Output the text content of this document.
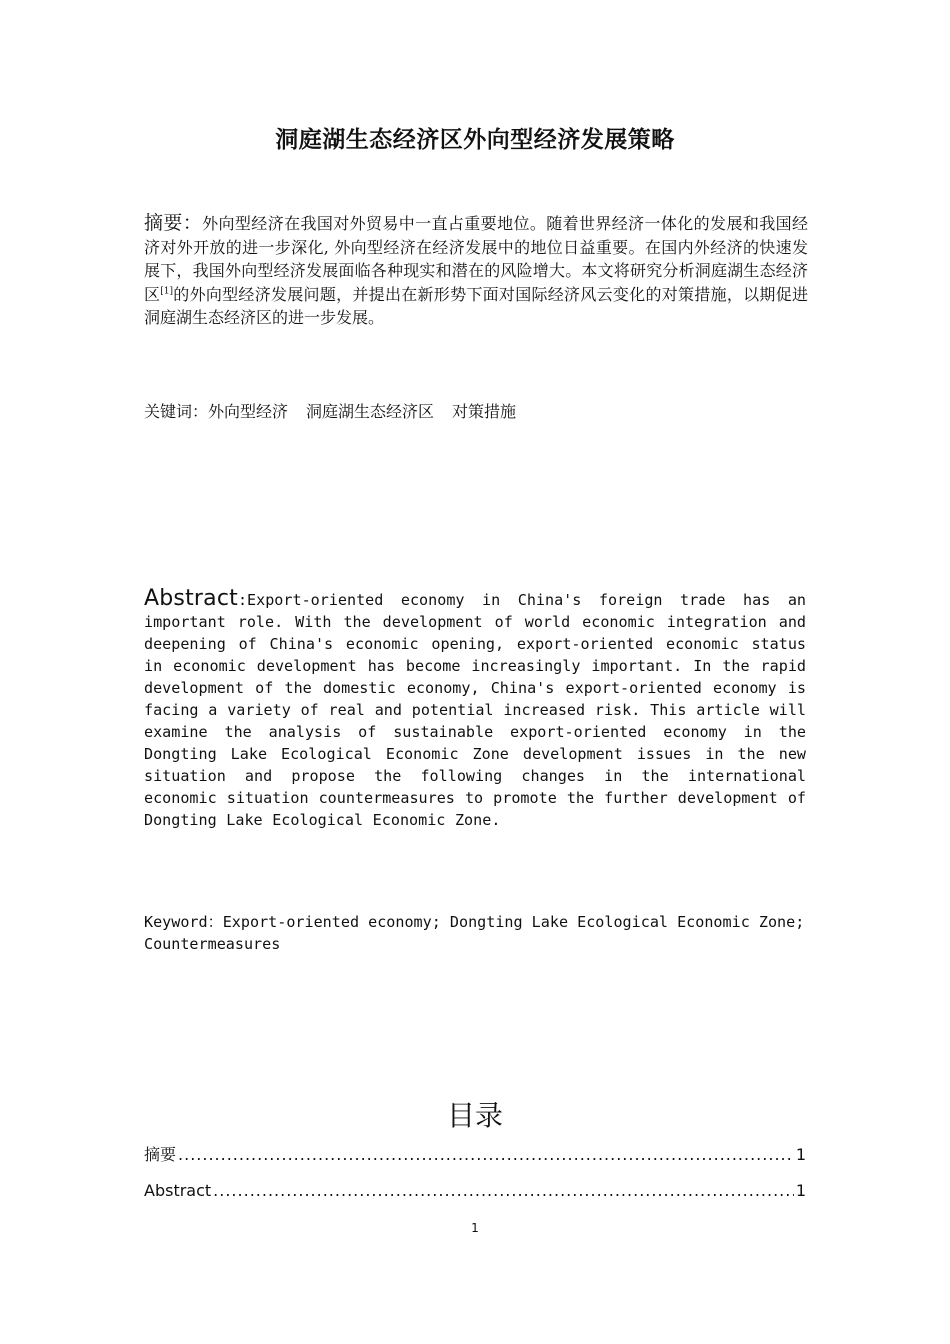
洞庭湖生态经济区外向型经济发展策略

摘要：外向型经济在我国对外贸易中一直占重要地位。随着世界经济一体化的发展和我国经济对外开放的进一步深化, 外向型经济在经济发展中的地位日益重要。在国内外经济的快速发展下，我国外向型经济发展面临各种现实和潜在的风险增大。本文将研究分析洞庭湖生态经济区[1]的外向型经济发展问题，并提出在新形势下面对国际经济风云变化的对策措施，以期促进洞庭湖生态经济区的进一步发展。

关键词：外向型经济 洞庭湖生态经济区 对策措施

Abstract:Export-oriented economy in China's foreign trade has an important role. With the development of world economic integration and deepening of China's economic opening, export-oriented economic status in economic development has become increasingly important. In the rapid development of the domestic economy, China's export-oriented economy is facing a variety of real and potential increased risk. This article will examine the analysis of sustainable export-oriented economy in the Dongting Lake Ecological Economic Zone development issues in the new situation and propose the following changes in the international economic situation countermeasures to promote the further development of Dongting Lake Ecological Economic Zone.

Keyword：Export-oriented economy; Dongting Lake Ecological Economic Zone; Countermeasures

目录
摘要 .....	1
Abstract .....	1
1
